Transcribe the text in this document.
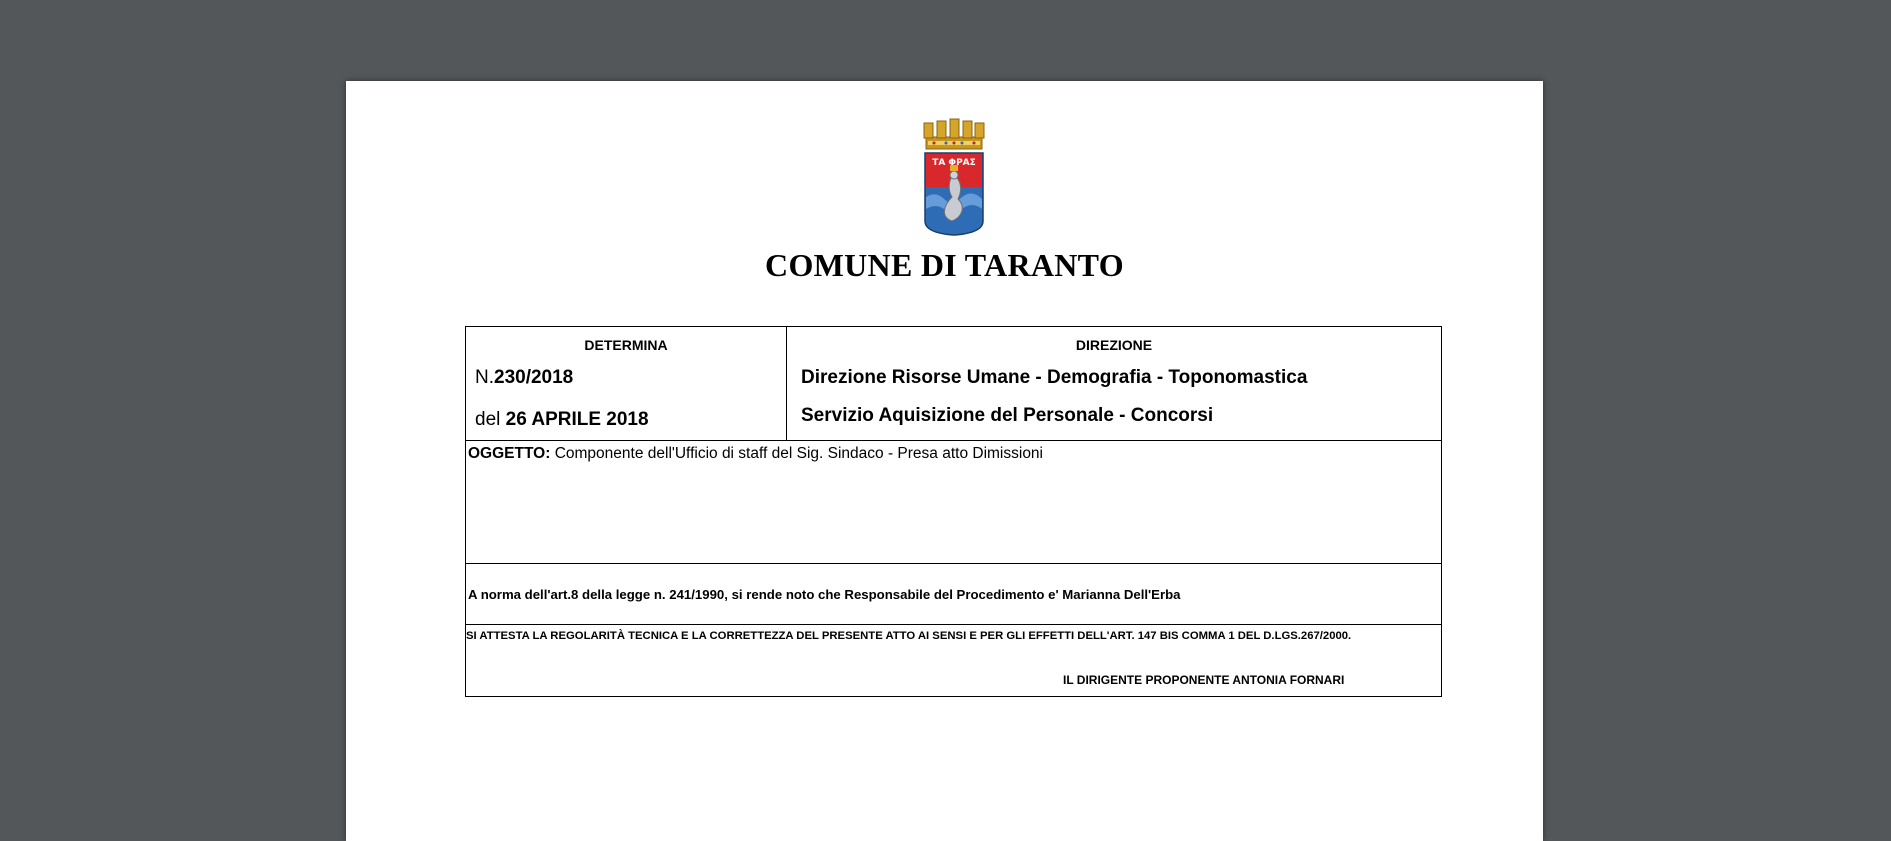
ΤΑ ΦΡΑΣ
COMUNE DI TARANTO
DETERMINA
N.230/2018
del 26 APRILE 2018
DIREZIONE
Direzione Risorse Umane - Demografia - Toponomastica
Servizio Aquisizione del Personale - Concorsi
OGGETTO: Componente dell'Ufficio di staff del Sig. Sindaco - Presa atto Dimissioni
A norma dell'art.8 della legge n. 241/1990, si rende noto che Responsabile del Procedimento e' Marianna Dell'Erba
SI ATTESTA LA REGOLARITÀ TECNICA E LA CORRETTEZZA DEL PRESENTE ATTO AI SENSI E PER GLI EFFETTI DELL'ART. 147 BIS COMMA 1 DEL D.LGS.267/2000.
IL DIRIGENTE PROPONENTE ANTONIA FORNARI
